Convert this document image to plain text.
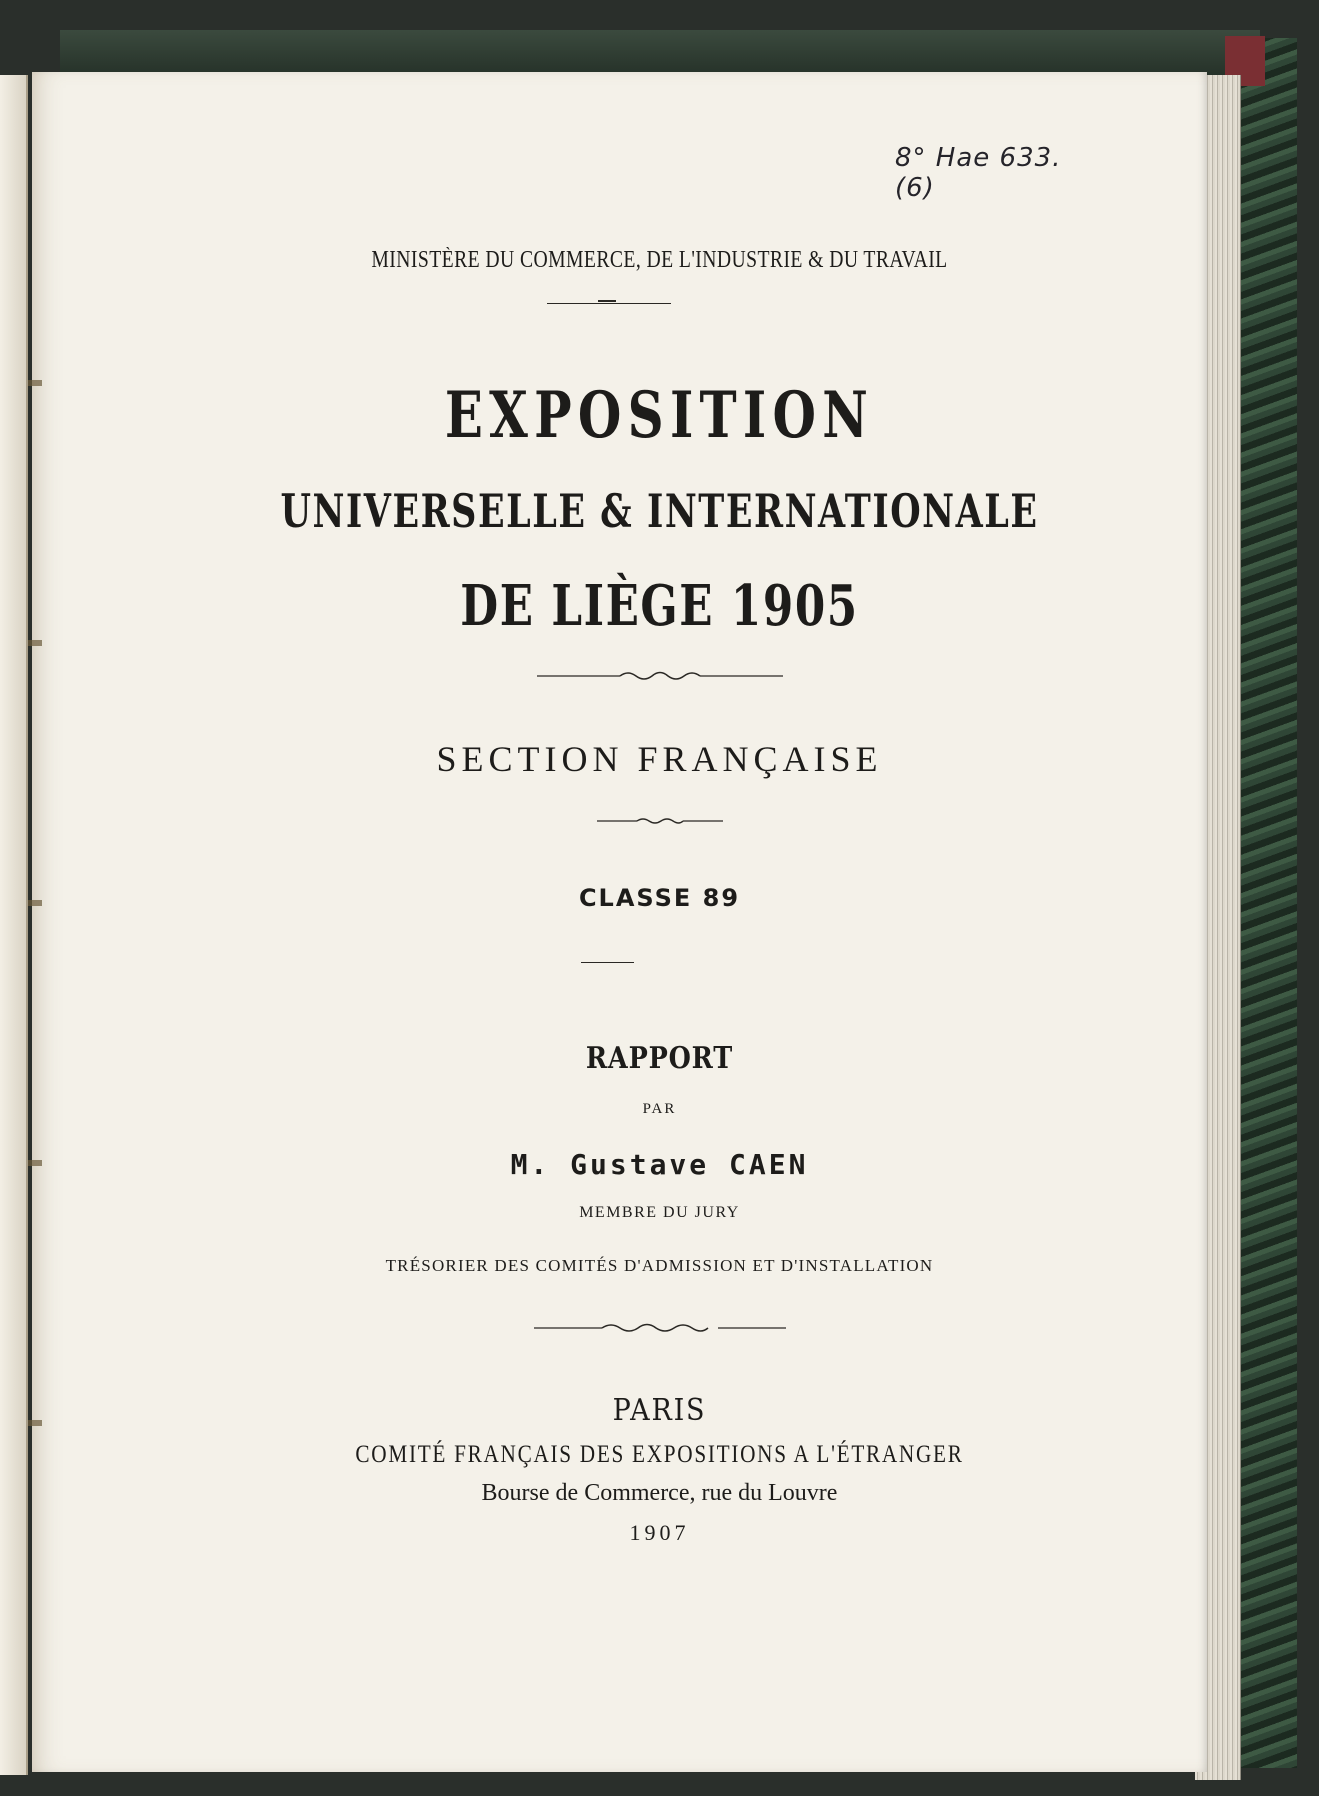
8° Hae 633.(6)
MINISTÈRE DU COMMERCE, DE L'INDUSTRIE & DU TRAVAIL
EXPOSITION
UNIVERSELLE & INTERNATIONALE
DE LIÈGE 1905
SECTION FRANÇAISE
CLASSE 89
RAPPORT
PAR
M. Gustave CAEN
MEMBRE DU JURY
TRÉSORIER DES COMITÉS D'ADMISSION ET D'INSTALLATION
PARIS
COMITÉ FRANÇAIS DES EXPOSITIONS A L'ÉTRANGER
Bourse de Commerce, rue du Louvre
1907
